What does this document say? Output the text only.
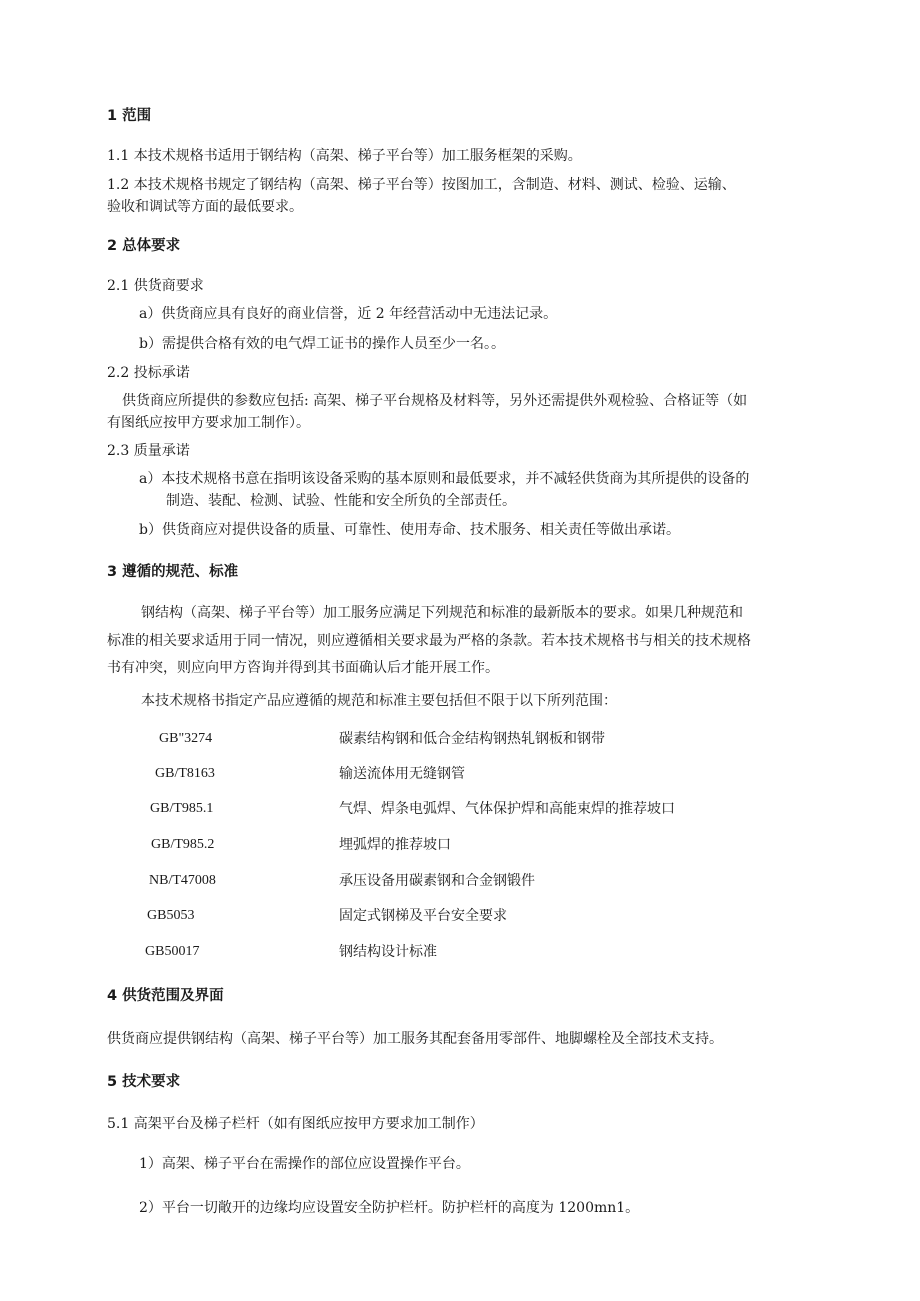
1 范围
1.1 本技术规格书适用于钢结构（高架、梯子平台等）加工服务框架的采购。
1.2 本技术规格书规定了钢结构（高架、梯子平台等）按图加工，含制造、材料、测试、检验、运输、
验收和调试等方面的最低要求。
2 总体要求
2.1 供货商要求
a）供货商应具有良好的商业信誉，近 2 年经营活动中无违法记录。
b）需提供合格有效的电气焊工证书的操作人员至少一名。。
2.2 投标承诺
供货商应所提供的参数应包括: 高架、梯子平台规格及材料等，另外还需提供外观检验、合格证等（如
有图纸应按甲方要求加工制作）。
2.3 质量承诺
a）本技术规格书意在指明该设备采购的基本原则和最低要求，并不减轻供货商为其所提供的设备的
制造、装配、检测、试验、性能和安全所负的全部责任。
b）供货商应对提供设备的质量、可靠性、使用寿命、技术服务、相关责任等做出承诺。
3 遵循的规范、标准
钢结构（高架、梯子平台等）加工服务应满足下列规范和标准的最新版本的要求。如果几种规范和
标准的相关要求适用于同一情况，则应遵循相关要求最为严格的条款。若本技术规格书与相关的技术规格
书有冲突，则应向甲方咨询并得到其书面确认后才能开展工作。
本技术规格书指定产品应遵循的规范和标准主要包括但不限于以下所列范围：
GB"3274	碳素结构钢和低合金结构钢热轧钢板和钢带
GB/T8163	输送流体用无缝钢管
GB/T985.1	气焊、焊条电弧焊、气体保护焊和高能束焊的推荐坡口
GB/T985.2	埋弧焊的推荐坡口
NB/T47008	承压设备用碳素钢和合金钢锻件
GB5053	固定式钢梯及平台安全要求
GB50017	钢结构设计标准
4 供货范围及界面
供货商应提供钢结构（高架、梯子平台等）加工服务其配套备用零部件、地脚螺栓及全部技术支持。
5 技术要求
5.1 高架平台及梯子栏杆（如有图纸应按甲方要求加工制作）
1）高架、梯子平台在需操作的部位应设置操作平台。
2）平台一切敞开的边缘均应设置安全防护栏杆。防护栏杆的高度为 1200mn1。
